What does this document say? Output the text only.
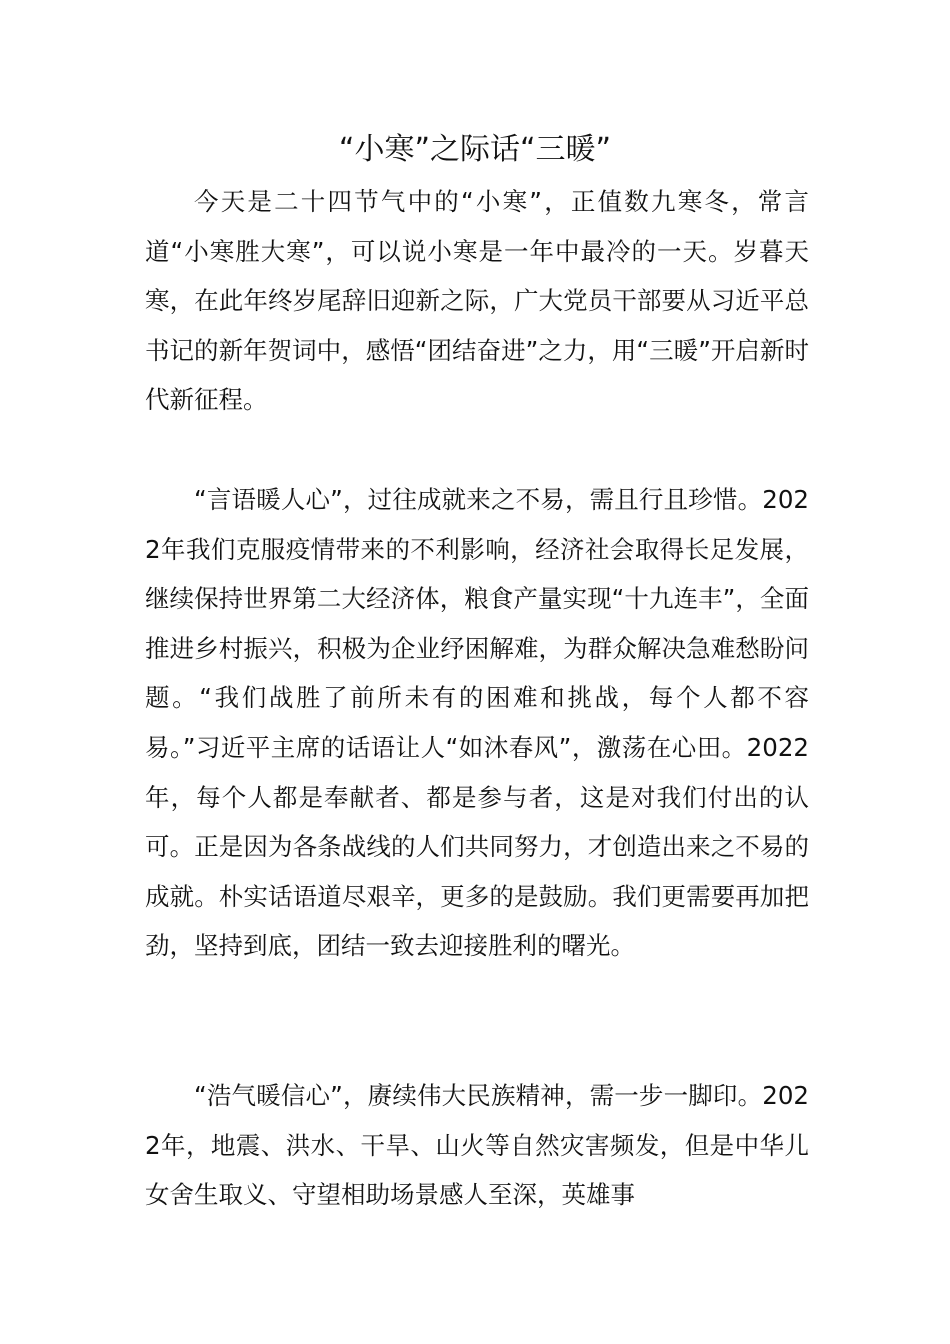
“小寒”之际话“三暖”

今天是二十四节气中的“小寒”，正值数九寒冬，常言道“小寒胜大寒”，可以说小寒是一年中最冷的一天。岁暮天寒，在此年终岁尾辞旧迎新之际，广大党员干部要从习近平总书记的新年贺词中，感悟“团结奋进”之力，用“三暖”开启新时代新征程。

“言语暖人心”，过往成就来之不易，需且行且珍惜。2022年我们克服疫情带来的不利影响，经济社会取得长足发展，继续保持世界第二大经济体，粮食产量实现“十九连丰”，全面推进乡村振兴，积极为企业纾困解难，为群众解决急难愁盼问题。“我们战胜了前所未有的困难和挑战，每个人都不容易。”习近平主席的话语让人“如沐春风”，激荡在心田。2022年，每个人都是奉献者、都是参与者，这是对我们付出的认可。正是因为各条战线的人们共同努力，才创造出来之不易的成就。朴实话语道尽艰辛，更多的是鼓励。我们更需要再加把劲，坚持到底，团结一致去迎接胜利的曙光。

“浩气暖信心”，赓续伟大民族精神，需一步一脚印。2022年，地震、洪水、干旱、山火等自然灾害频发，但是中华儿女舍生取义、守望相助场景感人至深，英雄事
